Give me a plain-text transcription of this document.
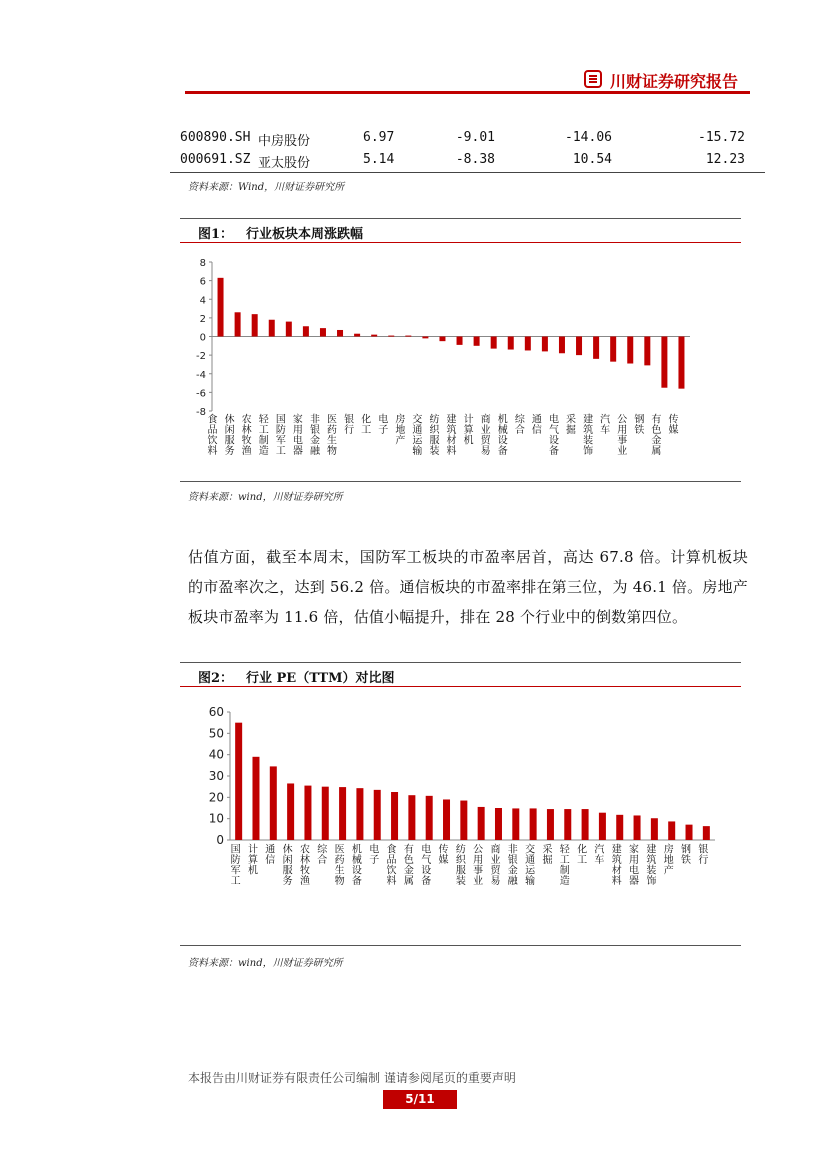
川财证券研究报告
600890.SH 中房股份	6.97	-9.01	-14.06	-15.72
000691.SZ 亚太股份	5.14	-8.38	10.54	12.23
资料来源：Wind，川财证券研究所
图1： 行业板块本周涨跌幅
8
6
4
2
0
-2
-4
-6
-8
食品饮料
休闲服务
农林牧渔
轻工制造
国防军工
家用电器
非银金融
医药生物
银行
化工
电子
房地产
交通运输
纺织服装
建筑材料
计算机
商业贸易
机械设备
综合
通信
电气设备
采掘
建筑装饰
汽车
公用事业
钢铁
有色金属
传媒
资料来源：wind，川财证券研究所
估值方面，截至本周末，国防军工板块的市盈率居首，高达 67.8 倍。计算机板块的市盈率次之，达到 56.2 倍。通信板块的市盈率排在第三位，为 46.1 倍。房地产板块市盈率为 11.6 倍，估值小幅提升，排在 28 个行业中的倒数第四位。
图2： 行业 PE（TTM）对比图
0
10
20
30
40
50
60
国防军工
计算机
通信
休闲服务
农林牧渔
综合
医药生物
机械设备
电子
食品饮料
有色金属
电气设备
传媒
纺织服装
公用事业
商业贸易
非银金融
交通运输
采掘
轻工制造
化工
汽车
建筑材料
家用电器
建筑装饰
房地产
钢铁
银行
资料来源：wind，川财证券研究所
本报告由川财证券有限责任公司编制 谨请参阅尾页的重要声明
5/11
